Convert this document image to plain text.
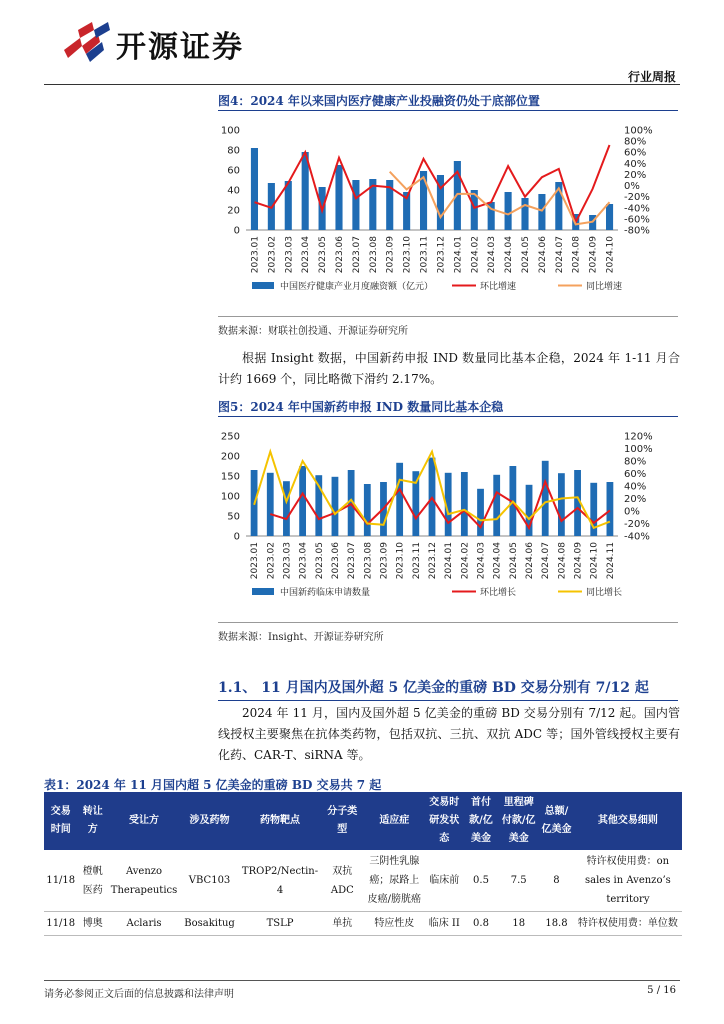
开源证券
行业周报
图4：2024 年以来国内医疗健康产业投融资仍处于底部位置
0
20
40
60
80
100
-80%
-60%
-40%
-20%
0%
20%
40%
60%
80%
100%
2023.01 2023.02 2023.03 2023.04 2023.05 2023.06 2023.07 2023.08 2023.09 2023.10 2023.11 2023.12 2024.01 2024.02 2024.03 2024.04 2024.05 2024.06 2024.07 2024.08 2024.09 2024.10
中国医疗健康产业月度融资额（亿元）	环比增速	同比增速
数据来源：财联社创投通、开源证券研究所
根据 Insight 数据，中国新药申报 IND 数量同比基本企稳，2024 年 1-11 月合计约 1669 个，同比略微下滑约 2.17%。
图5：2024 年中国新药申报 IND 数量同比基本企稳
0
50
100
150
200
250
-40%
-20%
0%
20%
40%
60%
80%
100%
120%
2023.01 2023.02 2023.03 2023.04 2023.05 2023.06 2023.07 2023.08 2023.09 2023.10 2023.11 2023.12 2024.01 2024.02 2024.03 2024.04 2024.05 2024.06 2024.07 2024.08 2024.09 2024.10 2024.11
中国新药临床申请数量	环比增长	同比增长
数据来源：Insight、开源证券研究所
1.1、 11 月国内及国外超 5 亿美金的重磅 BD 交易分别有 7/12 起
2024 年 11 月，国内及国外超 5 亿美金的重磅 BD 交易分别有 7/12 起。国内管线授权主要聚焦在抗体类药物，包括双抗、三抗、双抗 ADC 等；国外管线授权主要有化药、CAR-T、siRNA 等。
表1：2024 年 11 月国内超 5 亿美金的重磅 BD 交易共 7 起
交易时间	转让方	受让方	涉及药物	药物靶点	分子类型	适应症	交易时研发状态	首付款/亿美金	里程碑付款/亿美金	总额/亿美金	其他交易细则
11/18	橙帆医药	Avenzo Therapeutics	VBC103	TROP2/Nectin-4	双抗 ADC	三阴性乳腺癌；尿路上皮癌/膀胱癌	临床前	0.5	7.5	8	特许权使用费：on sales in Avenzo’s territory
11/18	博奥	Aclaris	Bosakitug	TSLP	单抗	特应性皮	临床 II	0.8	18	18.8	特许权使用费：单位数
请务必参阅正文后面的信息披露和法律声明	5 / 16
